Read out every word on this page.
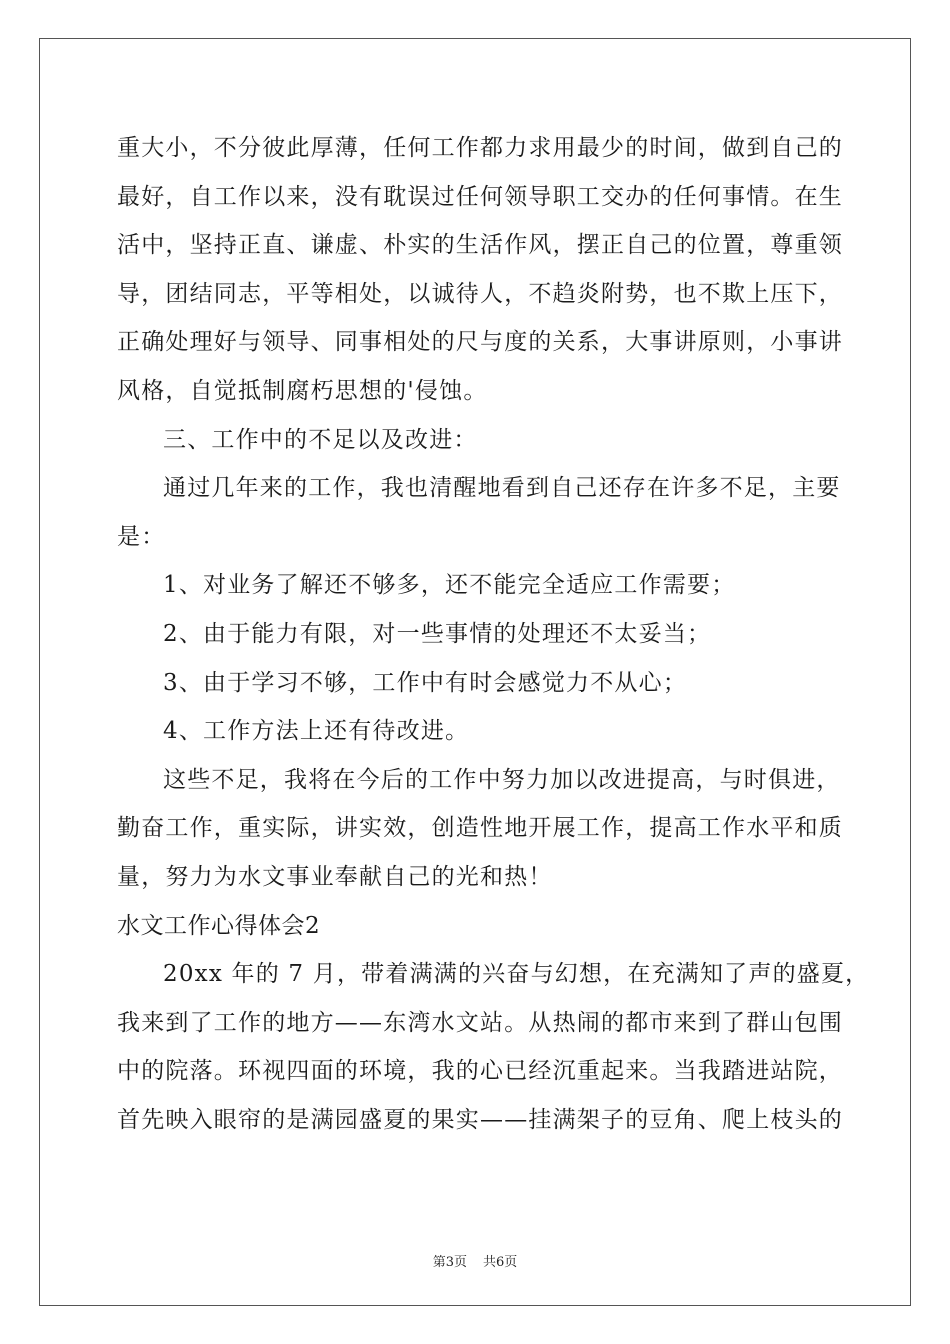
重大小，不分彼此厚薄，任何工作都力求用最少的时间，做到自己的
最好，自工作以来，没有耽误过任何领导职工交办的任何事情。在生
活中，坚持正直、谦虚、朴实的生活作风，摆正自己的位置，尊重领
导，团结同志，平等相处，以诚待人，不趋炎附势，也不欺上压下，
正确处理好与领导、同事相处的尺与度的关系，大事讲原则，小事讲
风格，自觉抵制腐朽思想的'侵蚀。
三、工作中的不足以及改进：
通过几年来的工作，我也清醒地看到自己还存在许多不足，主要
是：
1、对业务了解还不够多，还不能完全适应工作需要；
2、由于能力有限，对一些事情的处理还不太妥当；
3、由于学习不够，工作中有时会感觉力不从心；
4、工作方法上还有待改进。
这些不足，我将在今后的工作中努力加以改进提高，与时俱进，
勤奋工作，重实际，讲实效，创造性地开展工作，提高工作水平和质
量，努力为水文事业奉献自己的光和热！
水文工作心得体会2
20xx 年的 7 月，带着满满的兴奋与幻想，在充满知了声的盛夏，
我来到了工作的地方——东湾水文站。从热闹的都市来到了群山包围
中的院落。环视四面的环境，我的心已经沉重起来。当我踏进站院，
首先映入眼帘的是满园盛夏的果实——挂满架子的豆角、爬上枝头的
第3页 共6页
